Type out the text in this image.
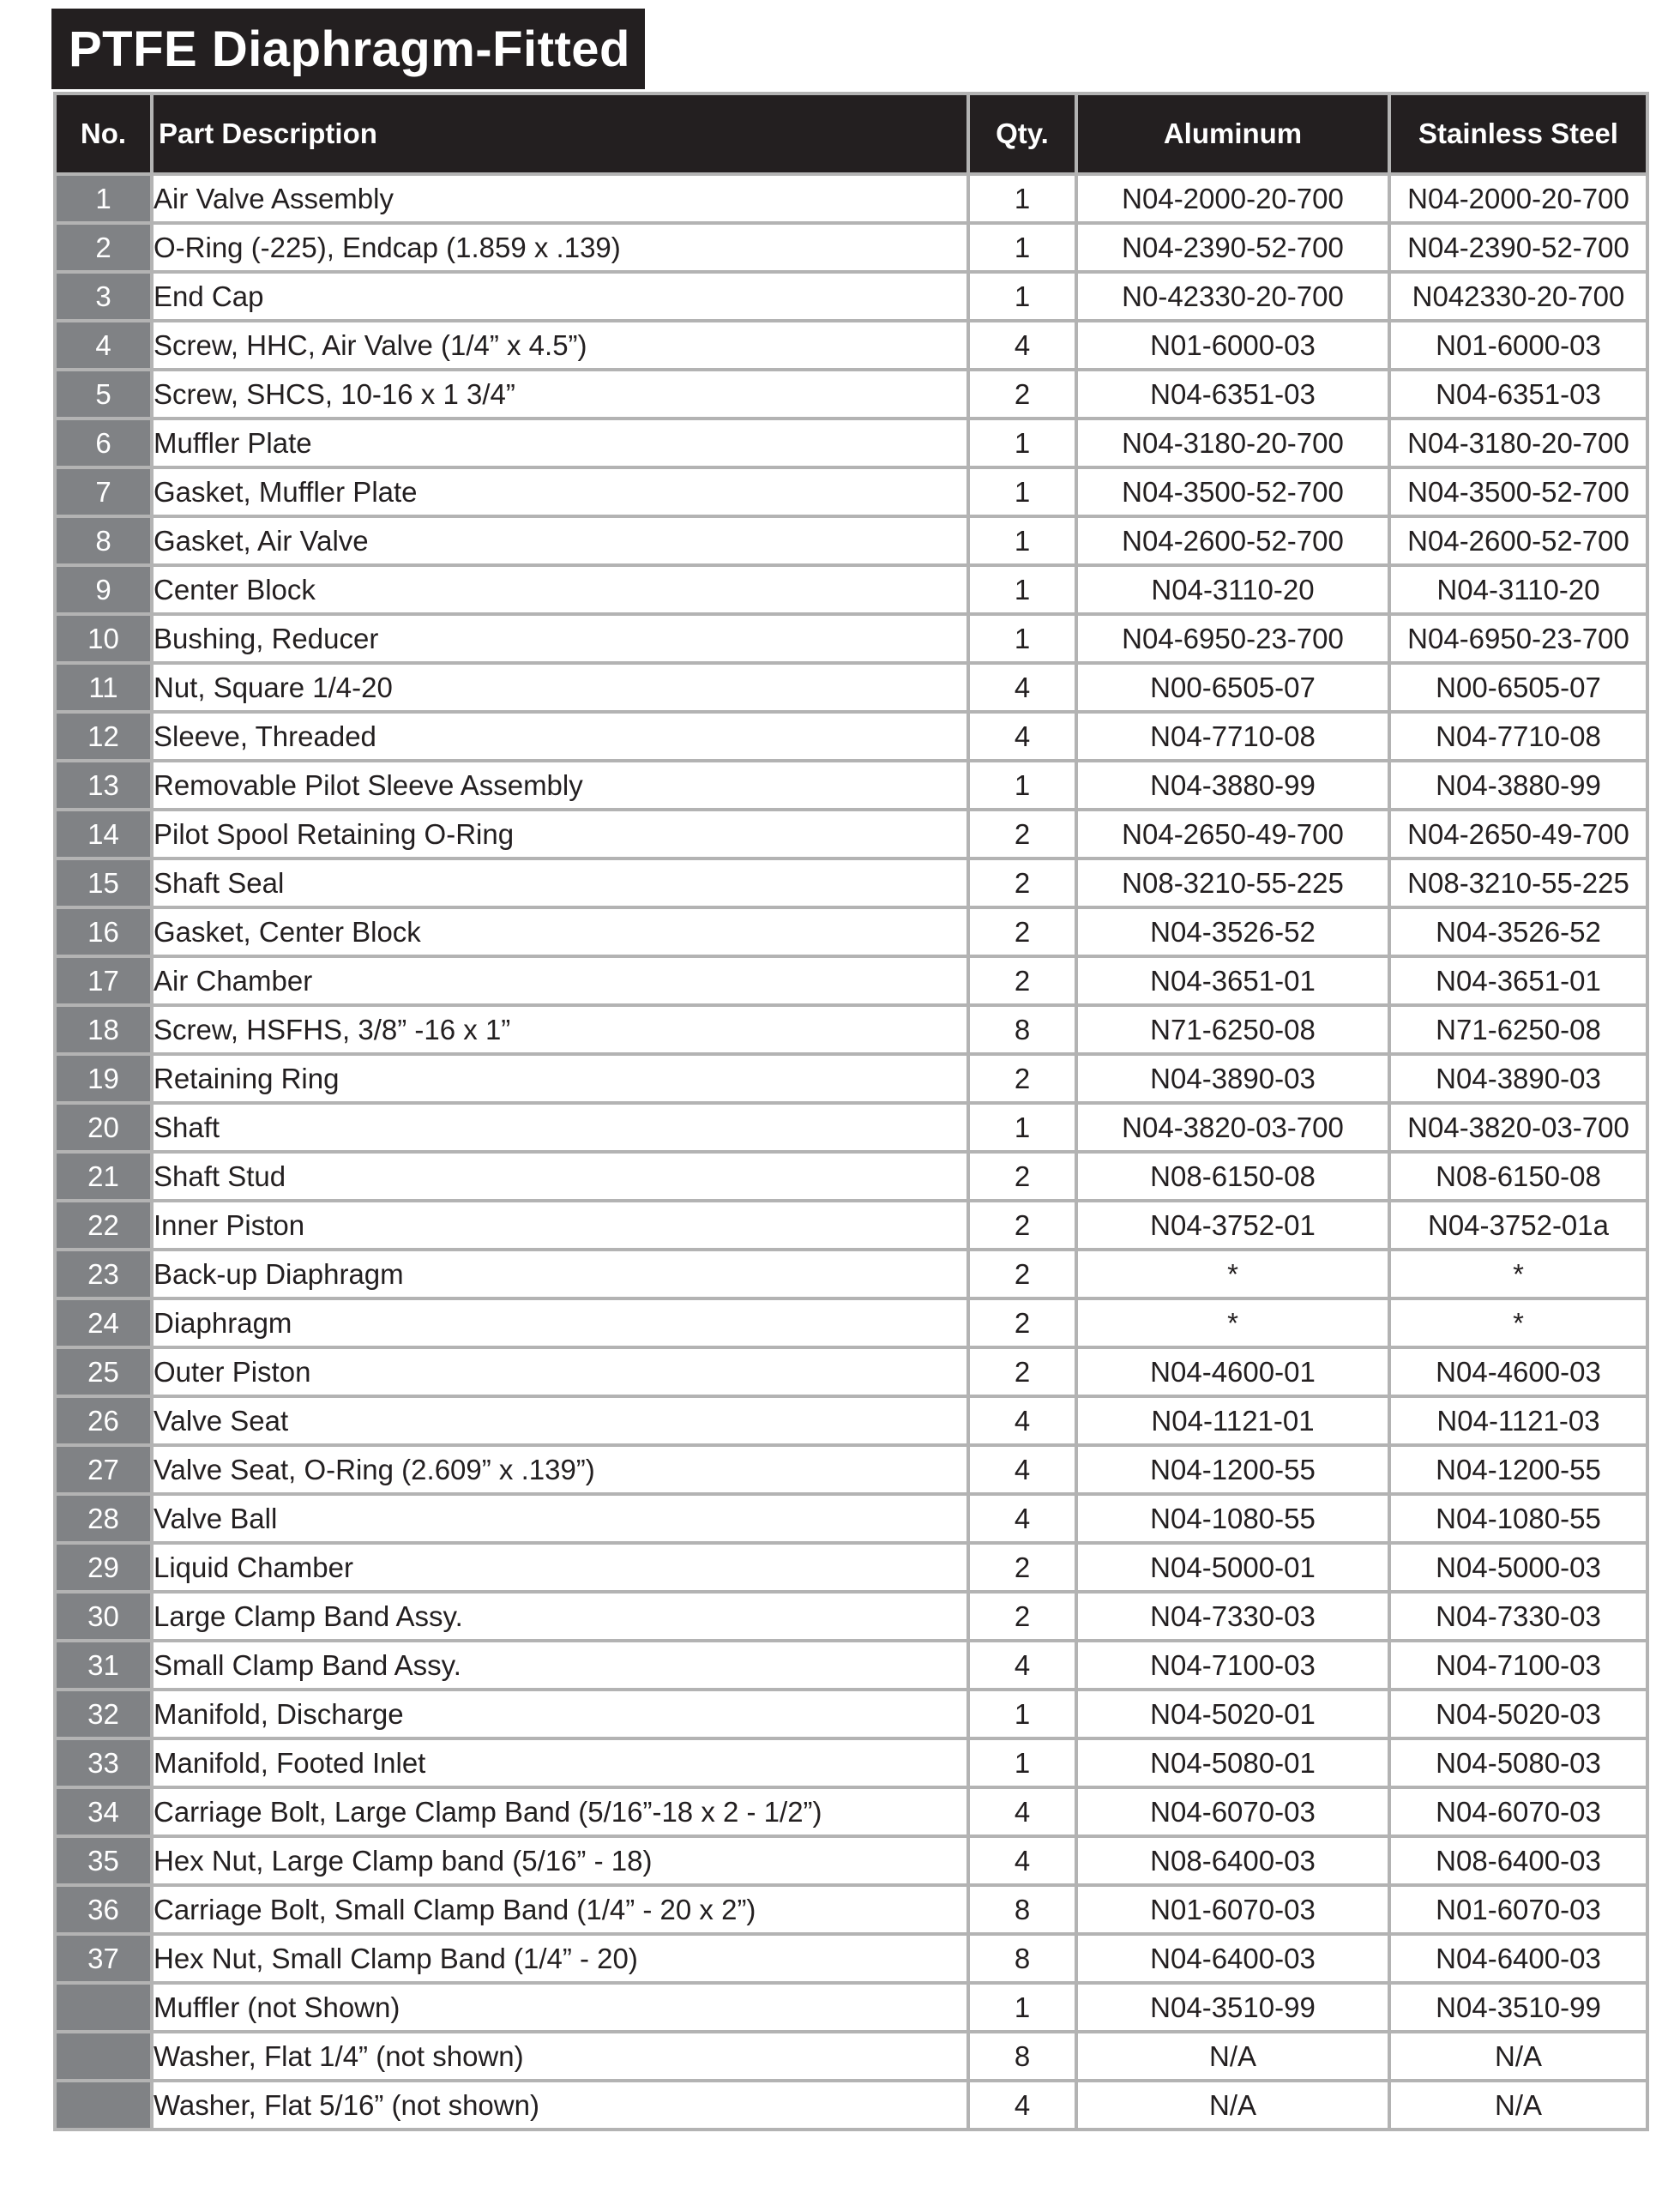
PTFE Diaphragm-Fitted
No.	Part Description	Qty.	Aluminum	Stainless Steel
1	Air Valve Assembly	1	N04-2000-20-700	N04-2000-20-700
2	O-Ring (-225), Endcap (1.859 x .139)	1	N04-2390-52-700	N04-2390-52-700
3	End Cap	1	N0-42330-20-700	N042330-20-700
4	Screw, HHC, Air Valve (1/4” x 4.5”)	4	N01-6000-03	N01-6000-03
5	Screw, SHCS, 10-16 x 1 3/4”	2	N04-6351-03	N04-6351-03
6	Muffler Plate	1	N04-3180-20-700	N04-3180-20-700
7	Gasket, Muffler Plate	1	N04-3500-52-700	N04-3500-52-700
8	Gasket, Air Valve	1	N04-2600-52-700	N04-2600-52-700
9	Center Block	1	N04-3110-20	N04-3110-20
10	Bushing, Reducer	1	N04-6950-23-700	N04-6950-23-700
11	Nut, Square 1/4-20	4	N00-6505-07	N00-6505-07
12	Sleeve, Threaded	4	N04-7710-08	N04-7710-08
13	Removable Pilot Sleeve Assembly	1	N04-3880-99	N04-3880-99
14	Pilot Spool Retaining O-Ring	2	N04-2650-49-700	N04-2650-49-700
15	Shaft Seal	2	N08-3210-55-225	N08-3210-55-225
16	Gasket, Center Block	2	N04-3526-52	N04-3526-52
17	Air Chamber	2	N04-3651-01	N04-3651-01
18	Screw, HSFHS, 3/8” -16 x 1”	8	N71-6250-08	N71-6250-08
19	Retaining Ring	2	N04-3890-03	N04-3890-03
20	Shaft	1	N04-3820-03-700	N04-3820-03-700
21	Shaft Stud	2	N08-6150-08	N08-6150-08
22	Inner Piston	2	N04-3752-01	N04-3752-01a
23	Back-up Diaphragm	2	*	*
24	Diaphragm	2	*	*
25	Outer Piston	2	N04-4600-01	N04-4600-03
26	Valve Seat	4	N04-1121-01	N04-1121-03
27	Valve Seat, O-Ring (2.609” x .139”)	4	N04-1200-55	N04-1200-55
28	Valve Ball	4	N04-1080-55	N04-1080-55
29	Liquid Chamber	2	N04-5000-01	N04-5000-03
30	Large Clamp Band Assy.	2	N04-7330-03	N04-7330-03
31	Small Clamp Band Assy.	4	N04-7100-03	N04-7100-03
32	Manifold, Discharge	1	N04-5020-01	N04-5020-03
33	Manifold, Footed Inlet	1	N04-5080-01	N04-5080-03
34	Carriage Bolt, Large Clamp Band (5/16”-18 x 2 - 1/2”)	4	N04-6070-03	N04-6070-03
35	Hex Nut, Large Clamp band (5/16” - 18)	4	N08-6400-03	N08-6400-03
36	Carriage Bolt, Small Clamp Band (1/4” - 20 x 2”)	8	N01-6070-03	N01-6070-03
37	Hex Nut, Small Clamp Band (1/4” - 20)	8	N04-6400-03	N04-6400-03
	Muffler (not Shown)	1	N04-3510-99	N04-3510-99
	Washer, Flat 1/4” (not shown)	8	N/A	N/A
	Washer, Flat 5/16” (not shown)	4	N/A	N/A
